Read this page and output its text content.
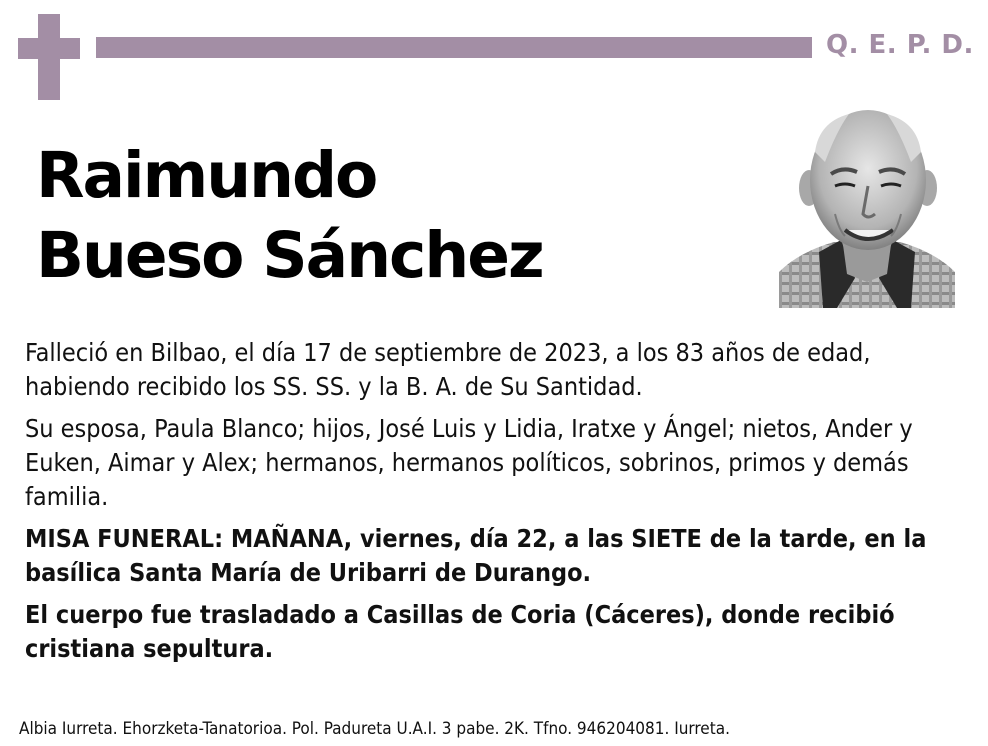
Q. E. P. D.
Raimundo
Bueso Sánchez

Falleció en Bilbao, el día 17 de septiembre de 2023, a los 83 años de edad, habiendo recibido los SS. SS. y la B. A. de Su Santidad.

Su esposa, Paula Blanco; hijos, José Luis y Lidia, Iratxe y Ángel; nietos, Ander y Euken, Aimar y Alex; hermanos, hermanos políticos, sobrinos, primos y demás familia.

MISA FUNERAL: MAÑANA, viernes, día 22, a las SIETE de la tarde, en la basílica Santa María de Uribarri de Durango.

El cuerpo fue trasladado a Casillas de Coria (Cáceres), donde recibió cristiana sepultura.

Albia Iurreta. Ehorzketa-Tanatorioa. Pol. Padureta U.A.I. 3 pabe. 2K. Tfno. 946204081. Iurreta.
